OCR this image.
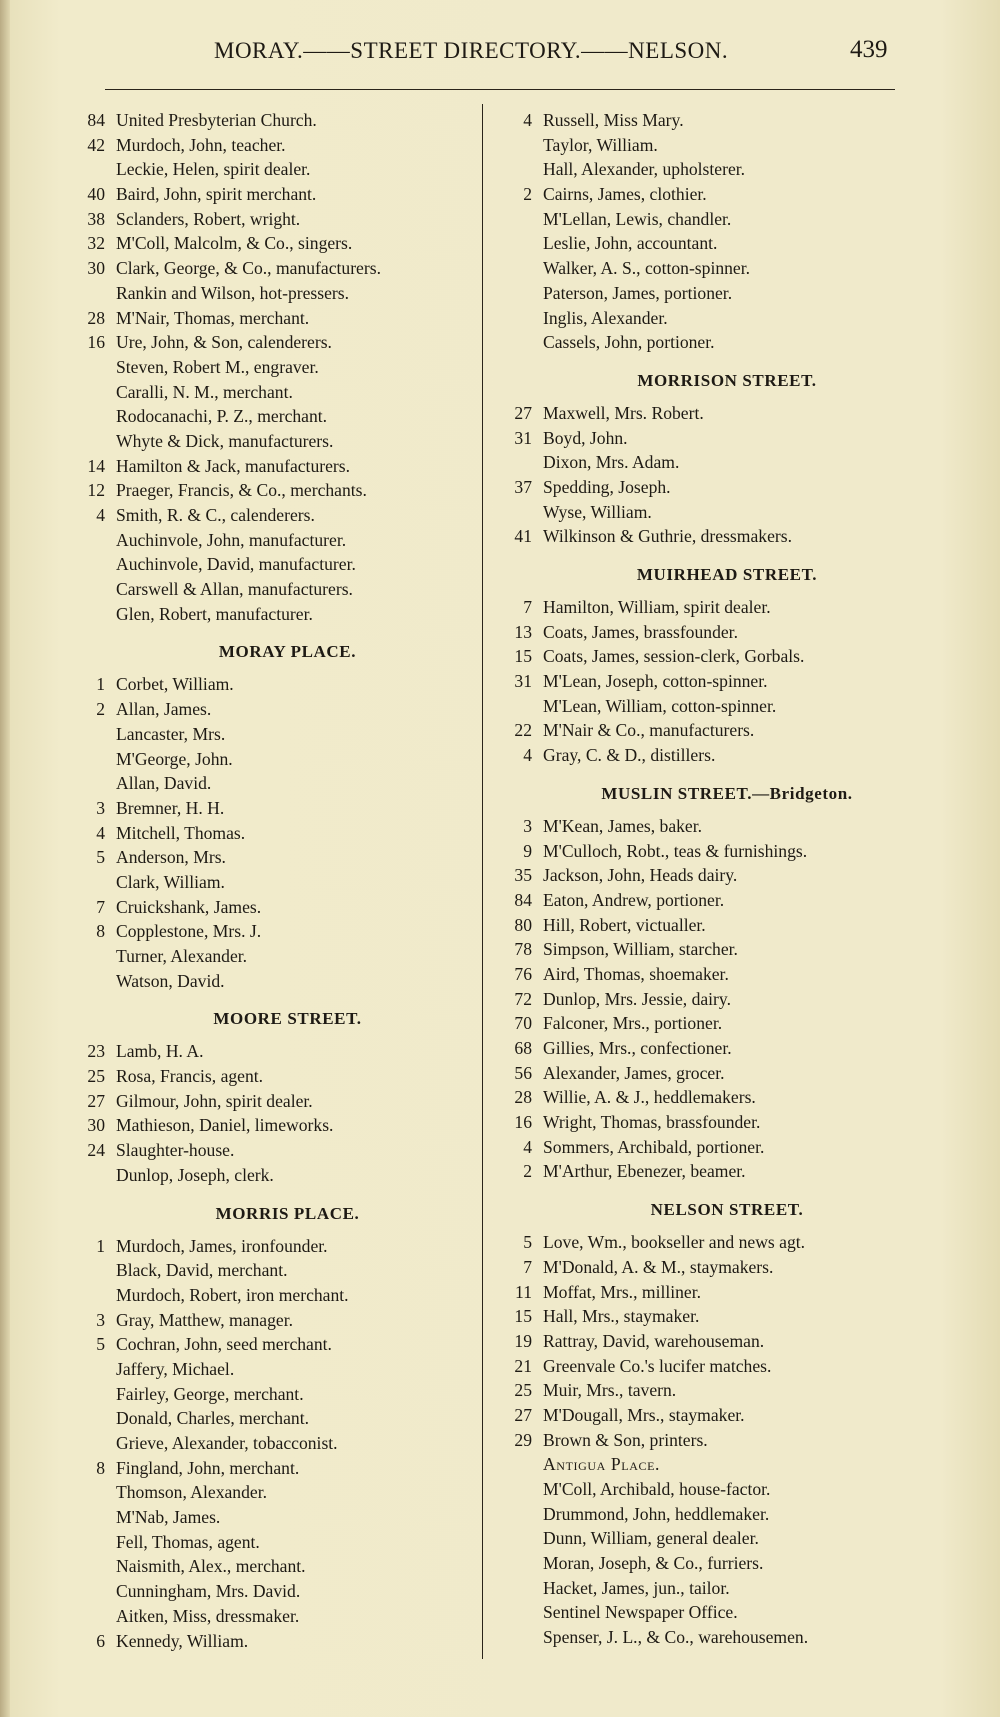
MORAY.——STREET DIRECTORY.——NELSON.	439
84 United Presbyterian Church.
42 Murdoch, John, teacher.
Leckie, Helen, spirit dealer.
40 Baird, John, spirit merchant.
38 Sclanders, Robert, wright.
32 M'Coll, Malcolm, & Co., singers.
30 Clark, George, & Co., manufacturers.
Rankin and Wilson, hot-pressers.
28 M'Nair, Thomas, merchant.
16 Ure, John, & Son, calenderers.
Steven, Robert M., engraver.
Caralli, N. M., merchant.
Rodocanachi, P. Z., merchant.
Whyte & Dick, manufacturers.
14 Hamilton & Jack, manufacturers.
12 Praeger, Francis, & Co., merchants.
4 Smith, R. & C., calenderers.
Auchinvole, John, manufacturer.
Auchinvole, David, manufacturer.
Carswell & Allan, manufacturers.
Glen, Robert, manufacturer.
MORAY PLACE.
1 Corbet, William.
2 Allan, James.
Lancaster, Mrs.
M'George, John.
Allan, David.
3 Bremner, H. H.
4 Mitchell, Thomas.
5 Anderson, Mrs.
Clark, William.
7 Cruickshank, James.
8 Copplestone, Mrs. J.
Turner, Alexander.
Watson, David.
MOORE STREET.
23 Lamb, H. A.
25 Rosa, Francis, agent.
27 Gilmour, John, spirit dealer.
30 Mathieson, Daniel, limeworks.
24 Slaughter-house.
Dunlop, Joseph, clerk.
MORRIS PLACE.
1 Murdoch, James, ironfounder.
Black, David, merchant.
Murdoch, Robert, iron merchant.
3 Gray, Matthew, manager.
5 Cochran, John, seed merchant.
Jaffery, Michael.
Fairley, George, merchant.
Donald, Charles, merchant.
Grieve, Alexander, tobacconist.
8 Fingland, John, merchant.
Thomson, Alexander.
M'Nab, James.
Fell, Thomas, agent.
Naismith, Alex., merchant.
Cunningham, Mrs. David.
Aitken, Miss, dressmaker.
6 Kennedy, William.
4 Russell, Miss Mary.
Taylor, William.
Hall, Alexander, upholsterer.
2 Cairns, James, clothier.
M'Lellan, Lewis, chandler.
Leslie, John, accountant.
Walker, A. S., cotton-spinner.
Paterson, James, portioner.
Inglis, Alexander.
Cassels, John, portioner.
MORRISON STREET.
27 Maxwell, Mrs. Robert.
31 Boyd, John.
Dixon, Mrs. Adam.
37 Spedding, Joseph.
Wyse, William.
41 Wilkinson & Guthrie, dressmakers.
MUIRHEAD STREET.
7 Hamilton, William, spirit dealer.
13 Coats, James, brassfounder.
15 Coats, James, session-clerk, Gorbals.
31 M'Lean, Joseph, cotton-spinner.
M'Lean, William, cotton-spinner.
22 M'Nair & Co., manufacturers.
4 Gray, C. & D., distillers.
MUSLIN STREET.—Bridgeton.
3 M'Kean, James, baker.
9 M'Culloch, Robt., teas & furnishings.
35 Jackson, John, Heads dairy.
84 Eaton, Andrew, portioner.
80 Hill, Robert, victualler.
78 Simpson, William, starcher.
76 Aird, Thomas, shoemaker.
72 Dunlop, Mrs. Jessie, dairy.
70 Falconer, Mrs., portioner.
68 Gillies, Mrs., confectioner.
56 Alexander, James, grocer.
28 Willie, A. & J., heddlemakers.
16 Wright, Thomas, brassfounder.
4 Sommers, Archibald, portioner.
2 M'Arthur, Ebenezer, beamer.
NELSON STREET.
5 Love, Wm., bookseller and news agt.
7 M'Donald, A. & M., staymakers.
11 Moffat, Mrs., milliner.
15 Hall, Mrs., staymaker.
19 Rattray, David, warehouseman.
21 Greenvale Co.'s lucifer matches.
25 Muir, Mrs., tavern.
27 M'Dougall, Mrs., staymaker.
29 Brown & Son, printers.
Antigua Place.
M'Coll, Archibald, house-factor.
Drummond, John, heddlemaker.
Dunn, William, general dealer.
Moran, Joseph, & Co., furriers.
Hacket, James, jun., tailor.
Sentinel Newspaper Office.
Spenser, J. L., & Co., warehousemen.
